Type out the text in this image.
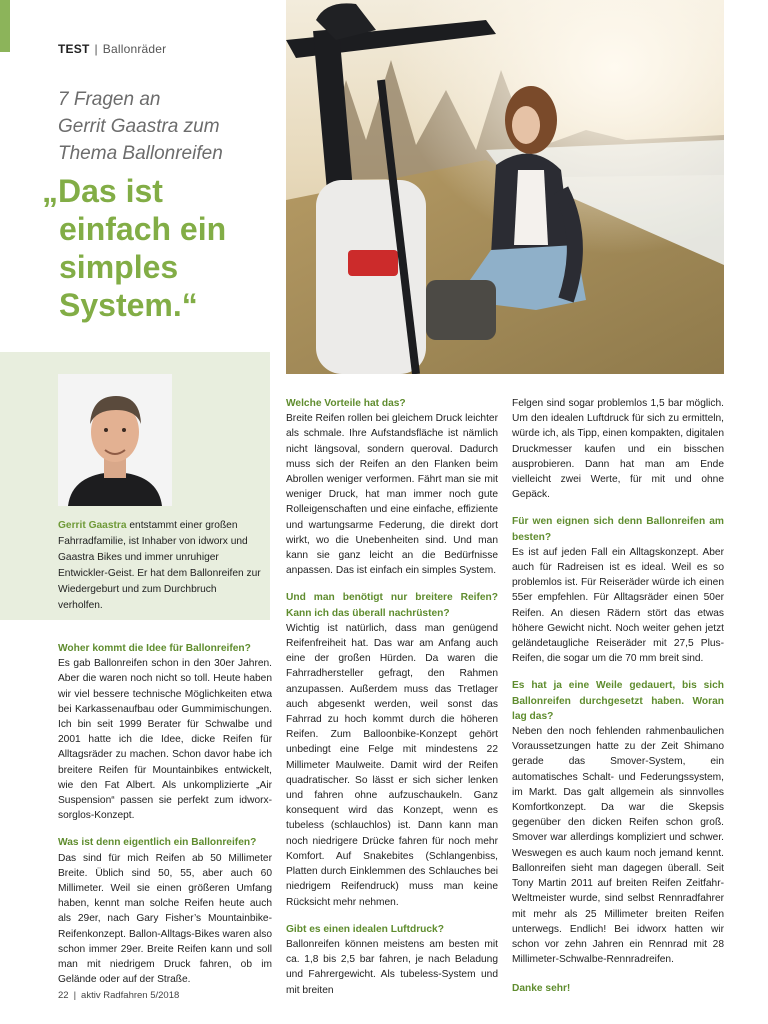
TEST | Ballonräder
7 Fragen an
Gerrit Gaastra zum
Thema Ballonreifen
„Das ist
einfach ein
simples
System.“
Gerrit Gaastra entstammt einer großen Fahrradfamilie, ist Inhaber von idworx und Gaastra Bikes und immer unruhiger Entwickler-Geist. Er hat dem Ballonreifen zur Wiedergeburt und zum Durchbruch verholfen.

Woher kommt die Idee für Ballonreifen?

Es gab Ballonreifen schon in den 30er Jahren. Aber die waren noch nicht so toll. Heute haben wir viel bessere technische Möglichkeiten etwa bei Karkassenaufbau oder Gummimischungen. Ich bin seit 1999 Berater für Schwalbe und 2001 hatte ich die Idee, dicke Reifen für Alltagsräder zu machen. Schon davor habe ich breitere Reifen für Mountainbikes entwickelt, wie den Fat Albert. Als unkomplizierte „Air Suspension“ passen sie perfekt zum idworx-sorglos-Konzept.

Was ist denn eigentlich ein Ballonreifen?

Das sind für mich Reifen ab 50 Millimeter Breite. Üblich sind 50, 55, aber auch 60 Millimeter. Weil sie einen größeren Umfang haben, kennt man solche Reifen heute auch als 29er, nach Gary Fisher’s Mountainbike-Reifenkonzept. Ballon-Alltags-Bikes waren also schon immer 29er. Breite Reifen kann und soll man mit niedrigem Druck fahren, ob im Gelände oder auf der Straße.

Welche Vorteile hat das?

Breite Reifen rollen bei gleichem Druck leichter als schmale. Ihre Aufstandsfläche ist nämlich nicht längsoval, sondern queroval. Dadurch muss sich der Reifen an den Flanken beim Abrollen weniger verformen. Fährt man sie mit weniger Druck, hat man immer noch gute Rolleigenschaften und eine einfache, effiziente und wartungsarme Federung, die direkt dort wirkt, wo die Unebenheiten sind. Und man kann sie ganz leicht an die Bedürfnisse anpassen. Das ist einfach ein simples System.

Und man benötigt nur breitere Reifen? Kann ich das überall nachrüsten?

Wichtig ist natürlich, dass man genügend Reifenfreiheit hat. Das war am Anfang auch eine der großen Hürden. Da waren die Fahrradhersteller gefragt, den Rahmen anzupassen. Außerdem muss das Tretlager auch abgesenkt werden, weil sonst das Fahrrad zu hoch kommt durch die höheren Reifen. Zum Balloonbike-Konzept gehört unbedingt eine Felge mit mindestens 22 Millimeter Maulweite. Damit wird der Reifen quadratischer. So lässt er sich sicher lenken und fahren ohne aufzuschaukeln. Ganz konsequent wird das Konzept, wenn es tubeless (schlauchlos) ist. Dann kann man noch niedrigere Drücke fahren für noch mehr Komfort. Auf Snakebites (Schlangenbiss, Platten durch Einklemmen des Schlauches bei niedrigem Reifendruck) muss man keine Rücksicht mehr nehmen.

Gibt es einen idealen Luftdruck?

Ballonreifen können meistens am besten mit ca. 1,8 bis 2,5 bar fahren, je nach Beladung und Fahrergewicht. Als tubeless-System und mit breiten

Felgen sind sogar problemlos 1,5 bar möglich. Um den idealen Luftdruck für sich zu ermitteln, würde ich, als Tipp, einen kompakten, digitalen Druckmesser kaufen und ein bisschen ausprobieren. Dann hat man am Ende vielleicht zwei Werte, für mit und ohne Gepäck.

Für wen eignen sich denn Ballonreifen am besten?

Es ist auf jeden Fall ein Alltagskonzept. Aber auch für Radreisen ist es ideal. Weil es so problemlos ist. Für Reiseräder würde ich einen 55er empfehlen. Für Alltagsräder einen 50er Reifen. An diesen Rädern stört das etwas höhere Gewicht nicht. Noch weiter gehen jetzt geländetaugliche Reiseräder mit 27,5 Plus-Reifen, die sogar um die 70 mm breit sind.

Es hat ja eine Weile gedauert, bis sich Ballonreifen durchgesetzt haben. Woran lag das?

Neben den noch fehlenden rahmenbaulichen Voraussetzungen hatte zu der Zeit Shimano gerade das Smover-System, ein automatisches Schalt- und Federungssystem, im Markt. Das galt allgemein als sinnvolles Komfortkonzept. Da war die Skepsis gegenüber den dicken Reifen schon groß. Smover war allerdings kompliziert und schwer. Weswegen es auch kaum noch jemand kennt. Ballonreifen sieht man dagegen überall. Seit Tony Martin 2011 auf breiten Reifen Zeitfahr-Weltmeister wurde, sind selbst Rennradfahrer mit mehr als 25 Millimeter breiten Reifen unterwegs. Endlich! Bei idworx hatten wir schon vor zehn Jahren ein Rennrad mit 28 Millimeter-Schwalbe-Rennradreifen.

Danke sehr!

22 | aktiv Radfahren 5/2018
